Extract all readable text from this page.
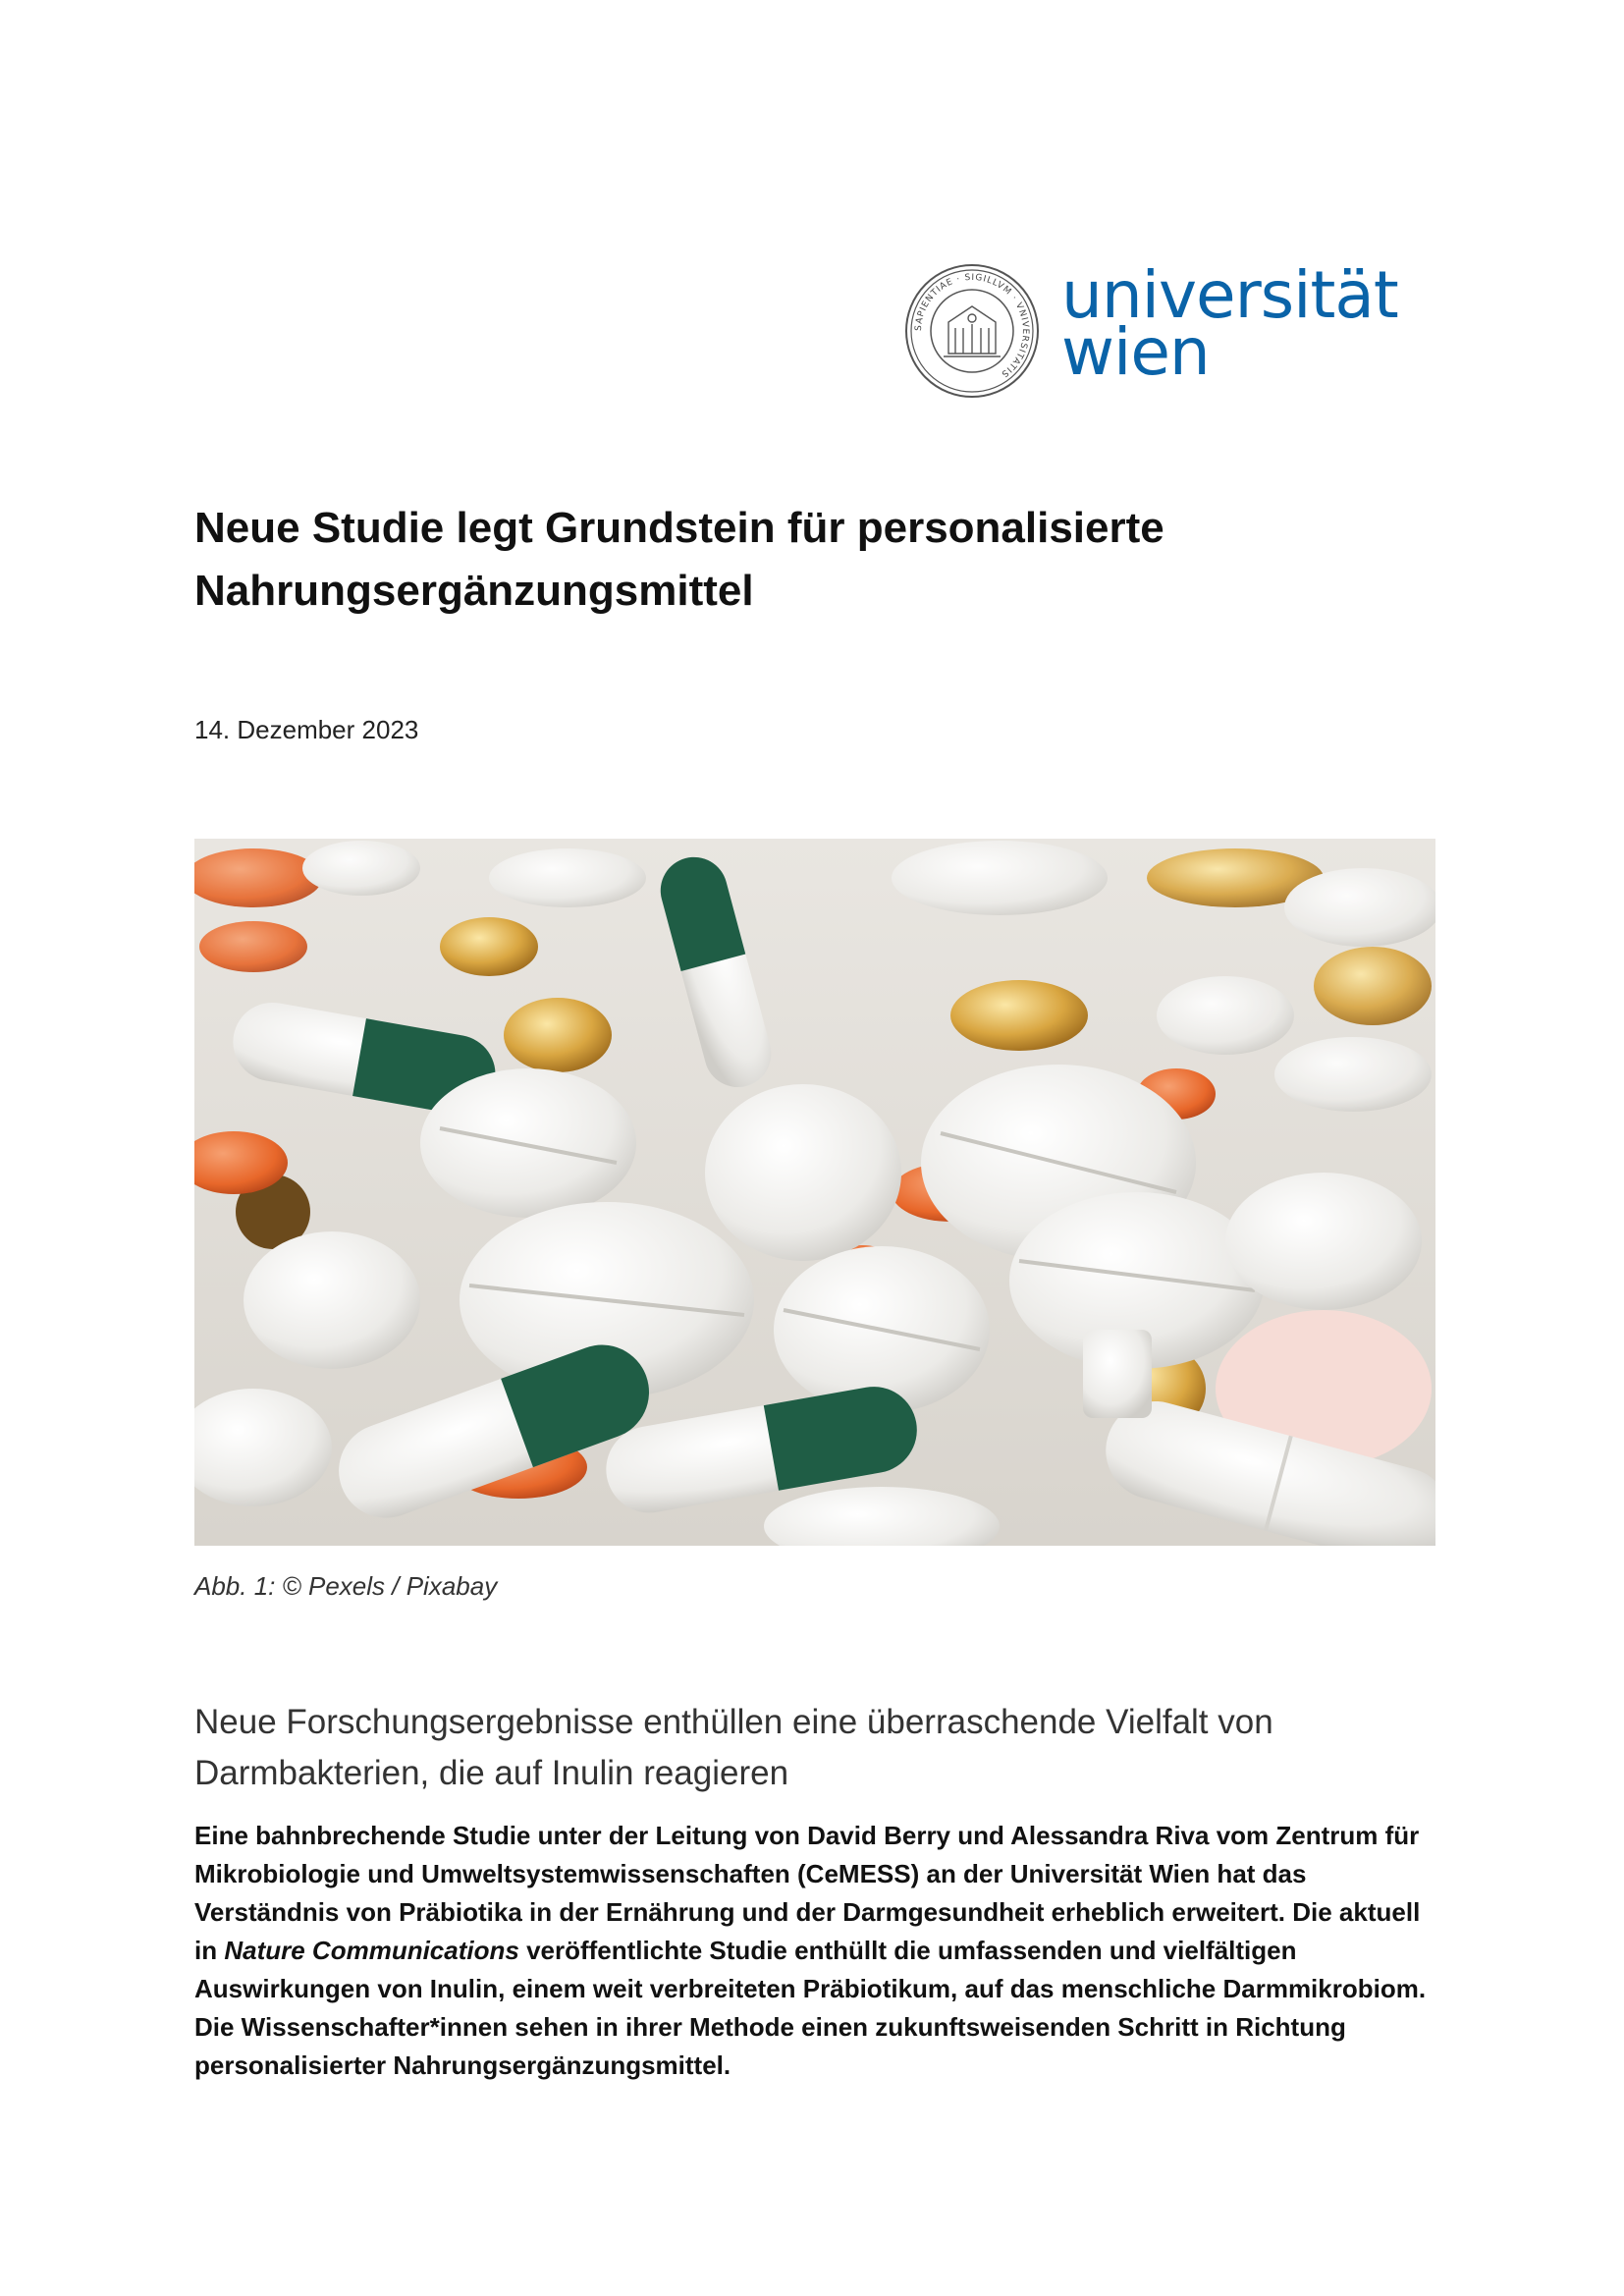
SAPIENTIAE · SIGILLVM · VNIVERSITATIS
universität
wien
Neue Studie legt Grundstein für personalisierte Nahrungsergänzungsmittel
14. Dezember 2023
Abb. 1: © Pexels / Pixabay
Neue Forschungsergebnisse enthüllen eine überraschende Vielfalt von Darmbakterien, die auf Inulin reagieren

Eine bahnbrechende Studie unter der Leitung von David Berry und Alessandra Riva vom Zentrum für Mikrobiologie und Umweltsystemwissenschaften (CeMESS) an der Universität Wien hat das Verständnis von Präbiotika in der Ernährung und der Darmgesundheit erheblich erweitert. Die aktuell in Nature Communications veröffentlichte Studie enthüllt die umfassenden und vielfältigen Auswirkungen von Inulin, einem weit verbreiteten Präbiotikum, auf das menschliche Darmmikrobiom. Die Wissenschafter*innen sehen in ihrer Methode einen zukunftsweisenden Schritt in Richtung personalisierter Nahrungsergänzungsmittel.
